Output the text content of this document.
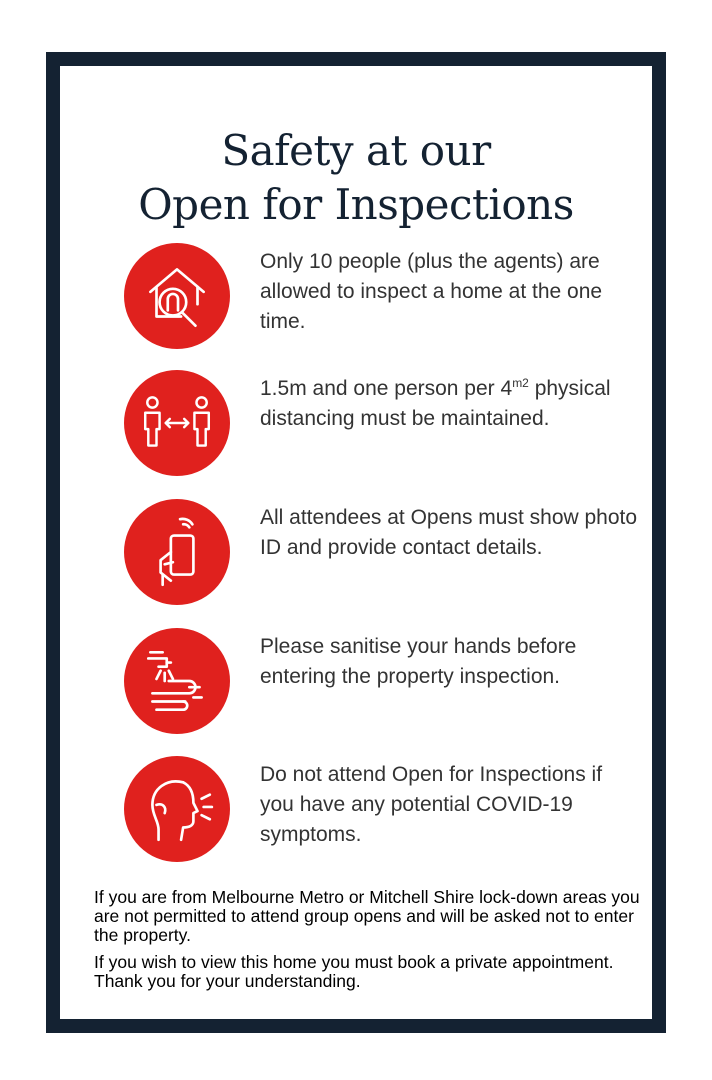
Safety at our
Open for Inspections
Only 10 people (plus the agents) are allowed to inspect a home at the one time.
1.5m and one person per $4^{m2}$ physical distancing must be maintained.
All attendees at Opens must show photo ID and provide contact details.
Please sanitise your hands before entering the property inspection.
Do not attend Open for Inspections if you have any potential COVID-19 symptoms.

If you are from Melbourne Metro or Mitchell Shire lock-down areas you are not permitted to attend group opens and will be asked not to enter the property.

If you wish to view this home you must book a private appointment. Thank you for your understanding.
